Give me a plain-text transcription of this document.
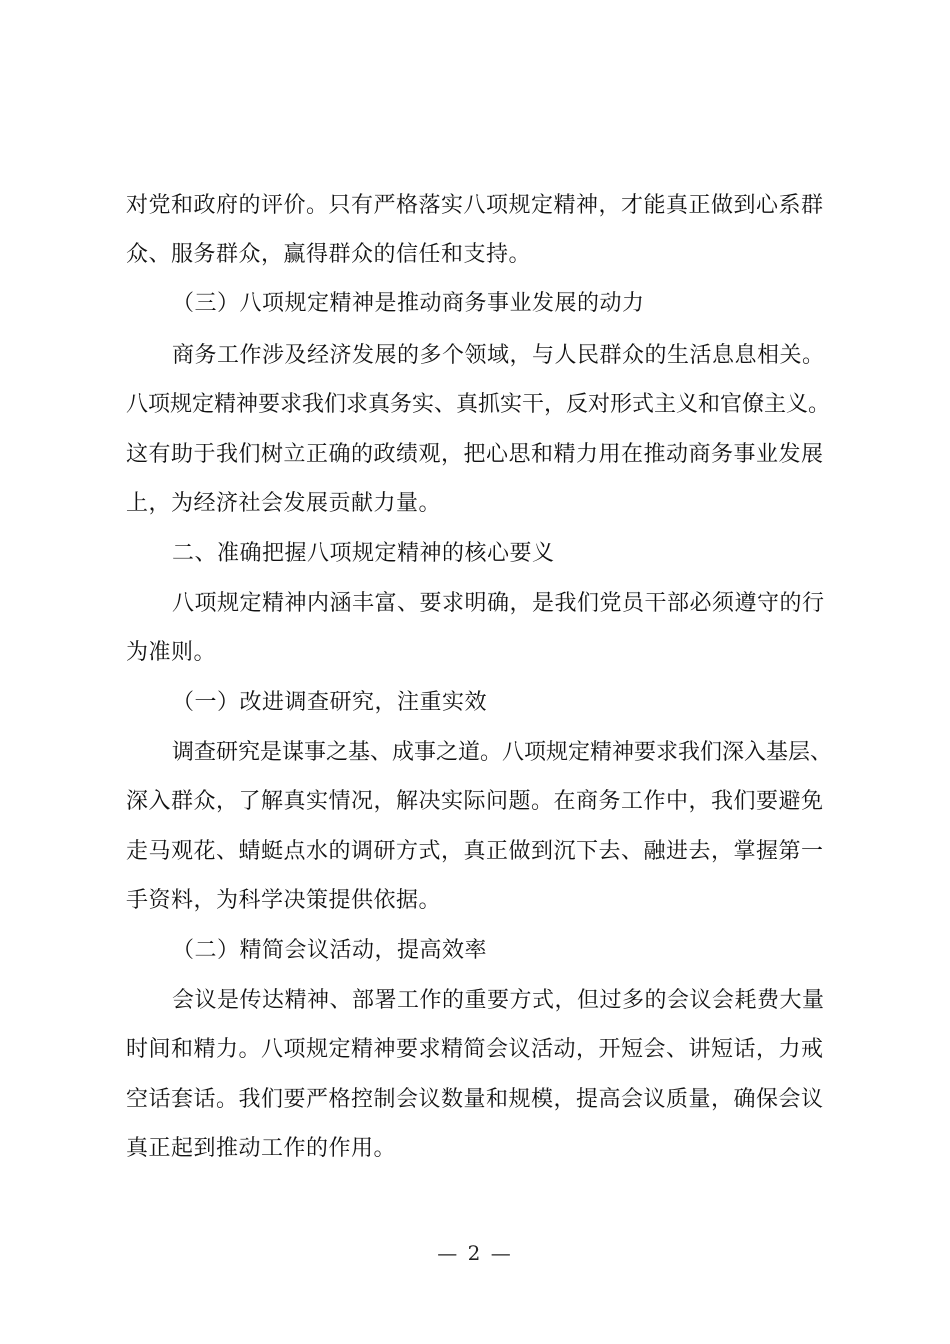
对党和政府的评价。只有严格落实八项规定精神，才能真正做到心系群
众、服务群众，赢得群众的信任和支持。
（三）八项规定精神是推动商务事业发展的动力
商务工作涉及经济发展的多个领域，与人民群众的生活息息相关。
八项规定精神要求我们求真务实、真抓实干，反对形式主义和官僚主义。
这有助于我们树立正确的政绩观，把心思和精力用在推动商务事业发展
上，为经济社会发展贡献力量。
二、准确把握八项规定精神的核心要义
八项规定精神内涵丰富、要求明确，是我们党员干部必须遵守的行
为准则。
（一）改进调查研究，注重实效
调查研究是谋事之基、成事之道。八项规定精神要求我们深入基层、
深入群众，了解真实情况，解决实际问题。在商务工作中，我们要避免
走马观花、蜻蜓点水的调研方式，真正做到沉下去、融进去，掌握第一
手资料，为科学决策提供依据。
（二）精简会议活动，提高效率
会议是传达精神、部署工作的重要方式，但过多的会议会耗费大量
时间和精力。八项规定精神要求精简会议活动，开短会、讲短话，力戒
空话套话。我们要严格控制会议数量和规模，提高会议质量，确保会议
真正起到推动工作的作用。
— 2 —
